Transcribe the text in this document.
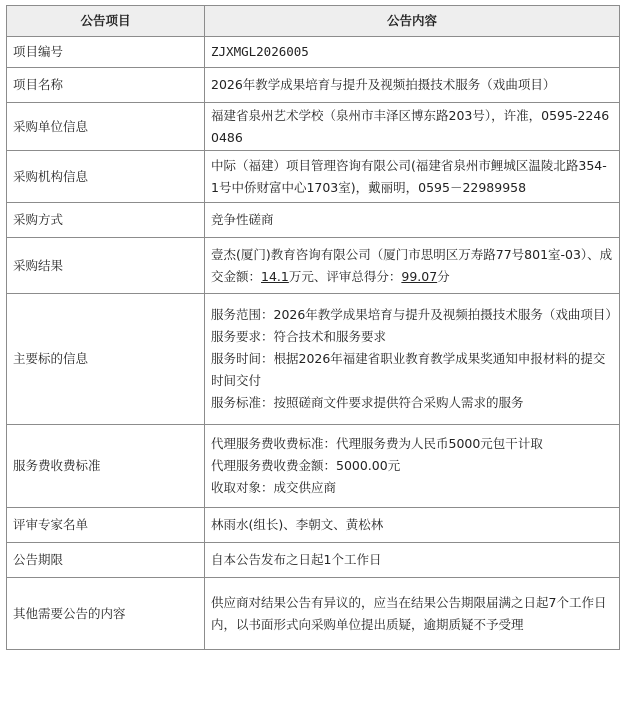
公告项目	公告内容
项目编号	ZJXMGL2026005
项目名称	2026年教学成果培育与提升及视频拍摄技术服务（戏曲项目）
采购单位信息	福建省泉州艺术学校（泉州市丰泽区博东路203号），许准，0595-22460486
采购机构信息	中际（福建）项目管理咨询有限公司(福建省泉州市鲤城区温陵北路354-1号中侨财富中心1703室)，戴丽明，0595－22989958
采购方式	竞争性磋商
采购结果	壹杰(厦门)教育咨询有限公司（厦门市思明区万寿路77号801室-03）、成交金额：14.1万元、评审总得分：99.07分
主要标的信息	服务范围：2026年教学成果培育与提升及视频拍摄技术服务（戏曲项目）
服务要求：符合技术和服务要求
服务时间：根据2026年福建省职业教育教学成果奖通知申报材料的提交时间交付
服务标准：按照磋商文件要求提供符合采购人需求的服务

服务费收费标准	代理服务费收费标准：代理服务费为人民币5000元包干计取
代理服务费收费金额：5000.00元
收取对象：成交供应商

评审专家名单	林雨水(组长)、李朝文、黄松林
公告期限	自本公告发布之日起1个工作日
其他需要公告的内容	供应商对结果公告有异议的，应当在结果公告期限届满之日起7个工作日内，以书面形式向采购单位提出质疑，逾期质疑不予受理
